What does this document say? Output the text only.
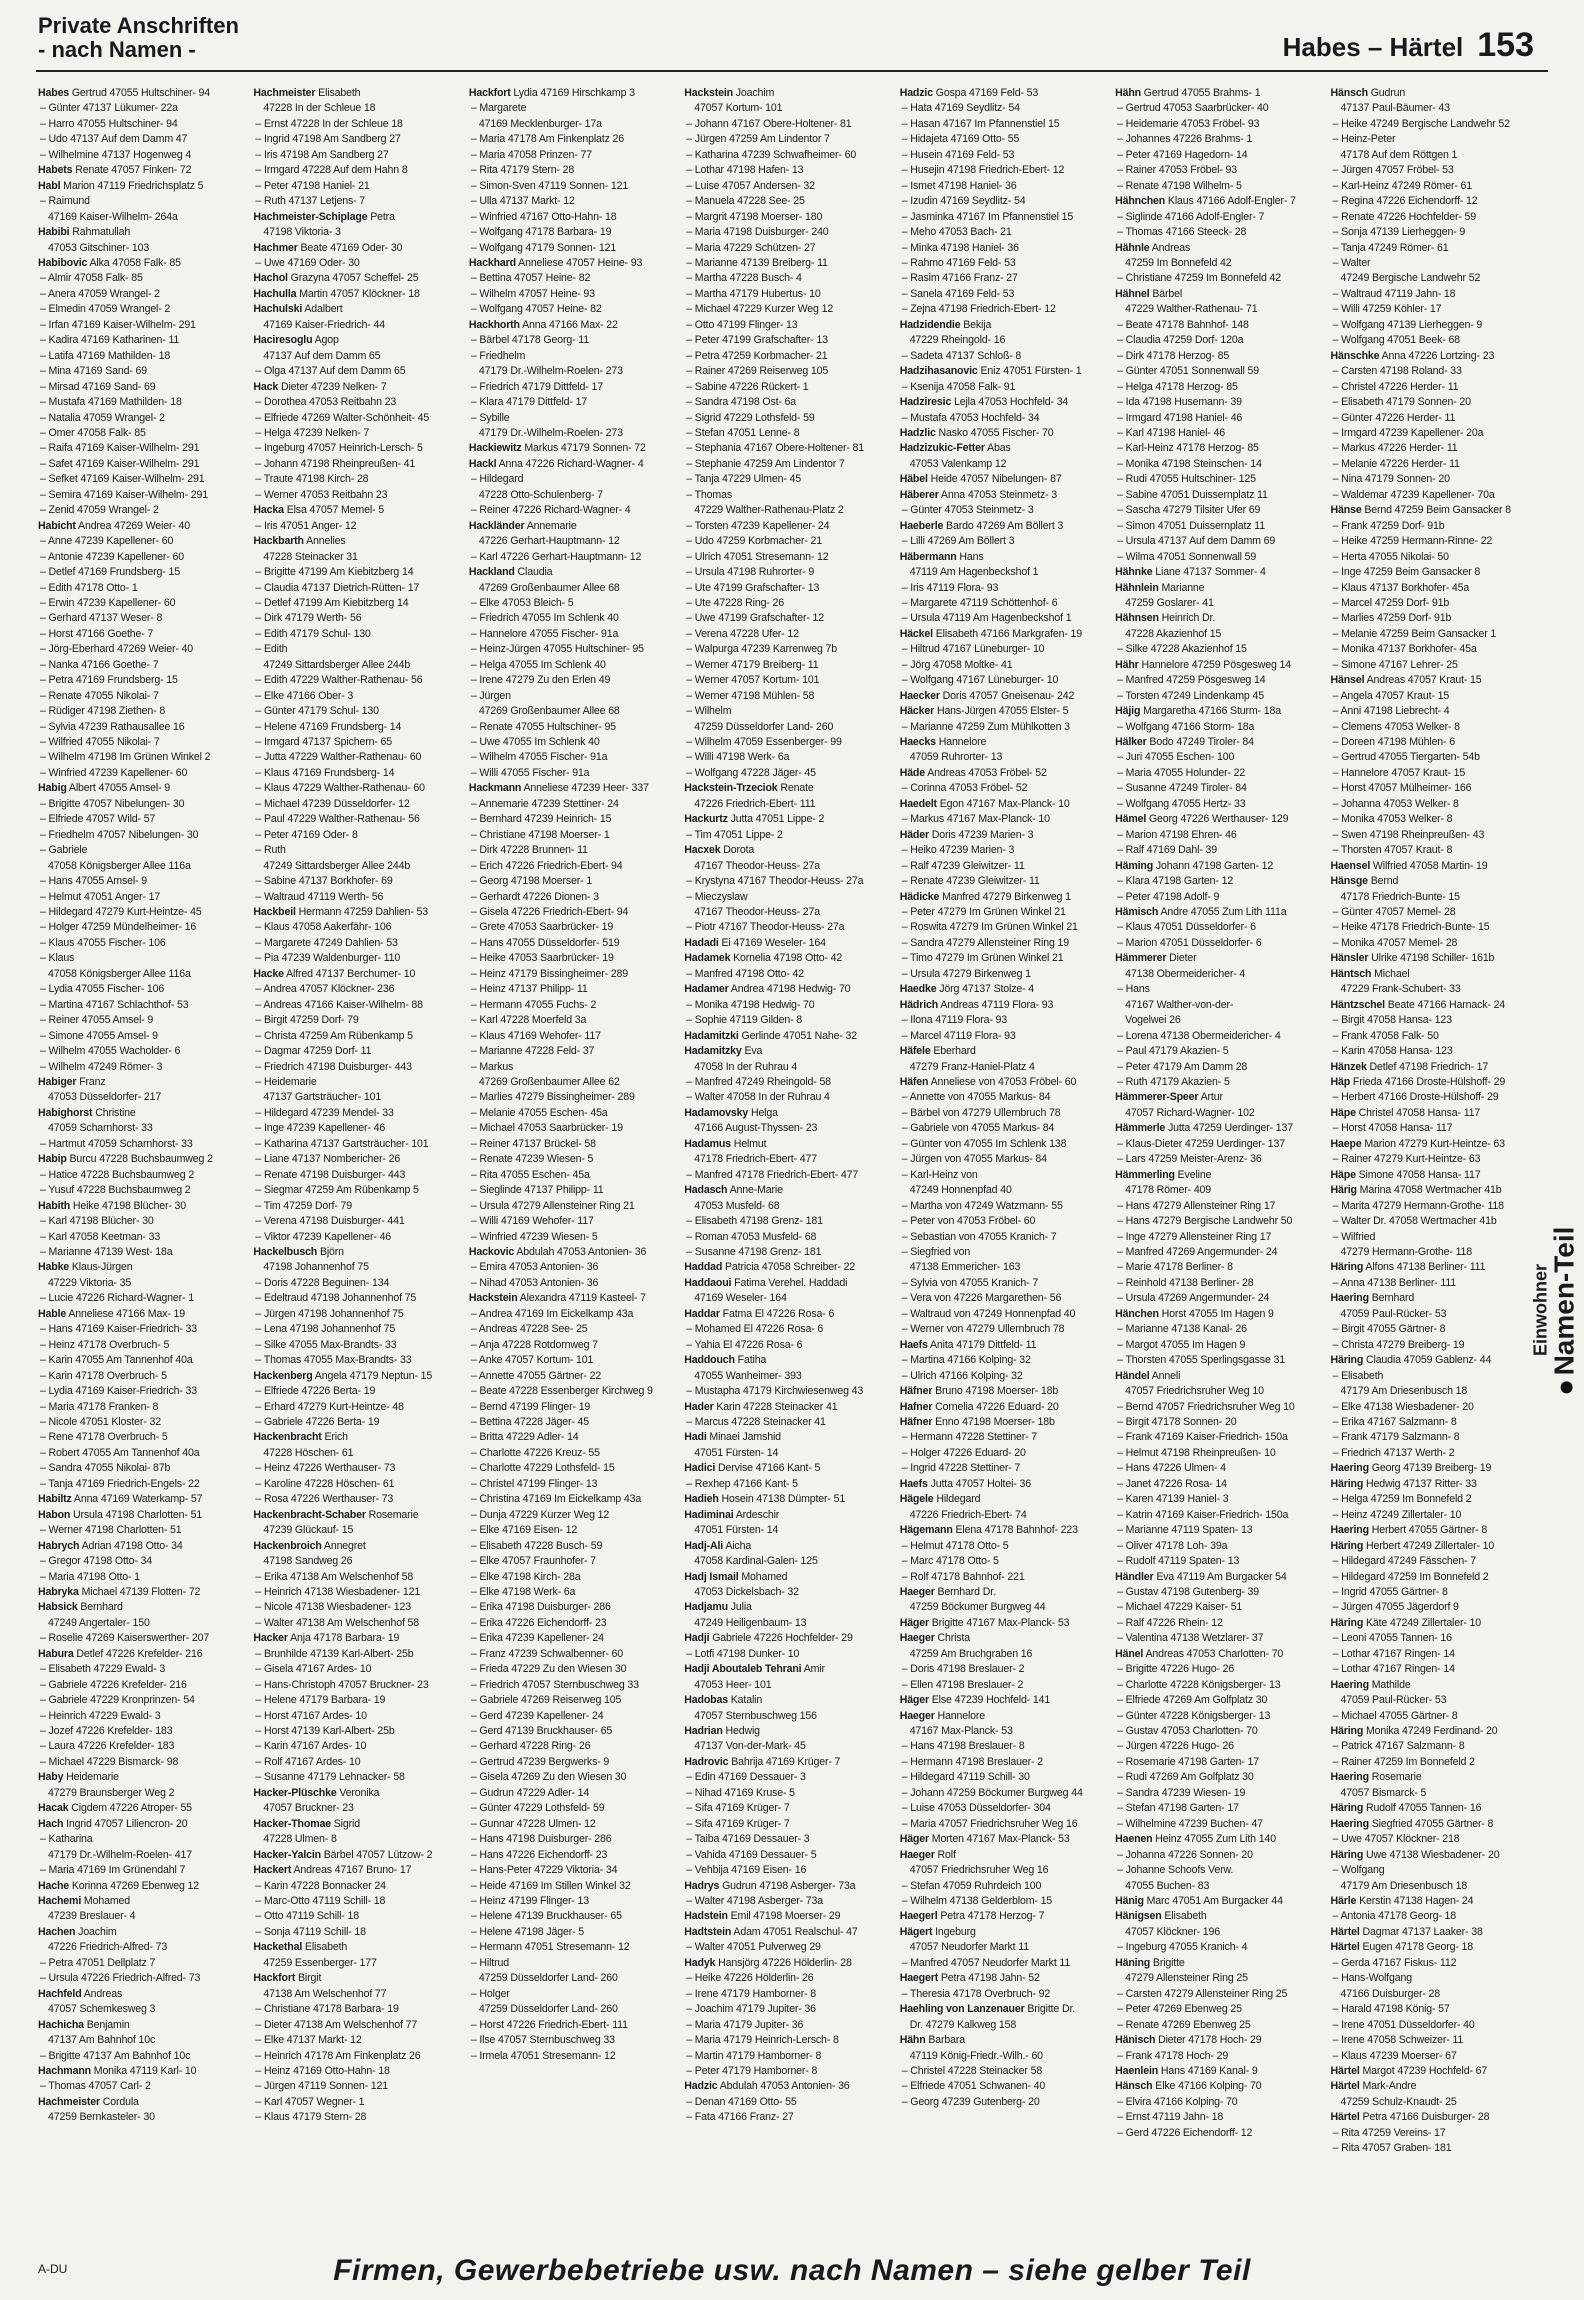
Private Anschriften
- nach Namen -	Habes – Härtel 153
Habes Gertrud 47055 Hultschiner- 94
– Günter 47137 Lükumer- 22a
– Harro 47055 Hultschiner- 94
– Udo 47137 Auf dem Damm 47
– Wilhelmine 47137 Hogenweg 4
Habets Renate 47057 Finken- 72
Habl Marion 47119 Friedrichsplatz 5
– Raimund
47169 Kaiser-Wilhelm- 264a
Habibi Rahmatullah
47053 Gitschiner- 103
Habibovic Alka 47058 Falk- 85
– Almir 47058 Falk- 85
– Anera 47059 Wrangel- 2
– Elmedin 47059 Wrangel- 2
– Irfan 47169 Kaiser-Wilhelm- 291
– Kadira 47169 Katharinen- 11
– Latifa 47169 Mathilden- 18
– Mina 47169 Sand- 69
– Mirsad 47169 Sand- 69
– Mustafa 47169 Mathilden- 18
– Natalia 47059 Wrangel- 2
– Omer 47058 Falk- 85
– Raifa 47169 Kaiser-Wilhelm- 291
– Safet 47169 Kaiser-Wilhelm- 291
– Sefket 47169 Kaiser-Wilhelm- 291
– Semira 47169 Kaiser-Wilhelm- 291
– Zenid 47059 Wrangel- 2
Habicht Andrea 47269 Weier- 40
– Anne 47239 Kapellener- 60
– Antonie 47239 Kapellener- 60
– Detlef 47169 Frundsberg- 15
– Edith 47178 Otto- 1
– Erwin 47239 Kapellener- 60
– Gerhard 47137 Weser- 8
– Horst 47166 Goethe- 7
– Jörg-Eberhard 47269 Weier- 40
– Nanka 47166 Goethe- 7
– Petra 47169 Frundsberg- 15
– Renate 47055 Nikolai- 7
– Rüdiger 47198 Ziethen- 8
– Sylvia 47239 Rathausallee 16
– Wilfried 47055 Nikolai- 7
– Wilhelm 47198 Im Grünen Winkel 2
– Winfried 47239 Kapellener- 60
Habig Albert 47055 Amsel- 9
– Brigitte 47057 Nibelungen- 30
– Elfriede 47057 Wild- 57
– Friedhelm 47057 Nibelungen- 30
– Gabriele
47058 Königsberger Allee 116a
– Hans 47055 Amsel- 9
– Helmut 47051 Anger- 17
– Hildegard 47279 Kurt-Heintze- 45
– Holger 47259 Mündelheimer- 16
– Klaus 47055 Fischer- 106
– Klaus
47058 Königsberger Allee 116a
– Lydia 47055 Fischer- 106
– Martina 47167 Schlachthof- 53
– Reiner 47055 Amsel- 9
– Simone 47055 Amsel- 9
– Wilhelm 47055 Wacholder- 6
– Wilhelm 47249 Römer- 3
Habiger Franz
47053 Düsseldorfer- 217
Habighorst Christine
47059 Scharnhorst- 33
– Hartmut 47059 Scharnhorst- 33
Habip Burcu 47228 Buchsbaumweg 2
– Hatice 47228 Buchsbaumweg 2
– Yusuf 47228 Buchsbaumweg 2
Habith Heike 47198 Blücher- 30
– Karl 47198 Blücher- 30
– Karl 47058 Keetman- 33
– Marianne 47139 West- 18a
Habke Klaus-Jürgen
47229 Viktoria- 35
– Lucie 47226 Richard-Wagner- 1
Hable Anneliese 47166 Max- 19
– Hans 47169 Kaiser-Friedrich- 33
– Heinz 47178 Overbruch- 5
– Karin 47055 Am Tannenhof 40a
– Karin 47178 Overbruch- 5
– Lydia 47169 Kaiser-Friedrich- 33
– Maria 47178 Franken- 8
– Nicole 47051 Kloster- 32
– Rene 47178 Overbruch- 5
– Robert 47055 Am Tannenhof 40a
– Sandra 47055 Nikolai- 87b
– Tanja 47169 Friedrich-Engels- 22
Habiltz Anna 47169 Waterkamp- 57
Habon Ursula 47198 Charlotten- 51
– Werner 47198 Charlotten- 51
Habrych Adrian 47198 Otto- 34
– Gregor 47198 Otto- 34
– Maria 47198 Otto- 1
Habryka Michael 47139 Flotten- 72
Habsick Bernhard
47249 Angertaler- 150
– Roselie 47269 Kaiserswerther- 207
Habura Detlef 47226 Krefelder- 216
– Elisabeth 47229 Ewald- 3
– Gabriele 47226 Krefelder- 216
– Gabriele 47229 Kronprinzen- 54
– Heinrich 47229 Ewald- 3
– Jozef 47226 Krefelder- 183
– Laura 47226 Krefelder- 183
– Michael 47229 Bismarck- 98
Haby Heidemarie
47279 Braunsberger Weg 2
Hacak Cigdem 47226 Atroper- 55
Hach Ingrid 47057 Liliencron- 20
– Katharina
47179 Dr.-Wilhelm-Roelen- 417
– Maria 47169 Im Grünendahl 7
Hache Korinna 47269 Ebenweg 12
Hachemi Mohamed
47239 Breslauer- 4
Hachen Joachim
47226 Friedrich-Alfred- 73
– Petra 47051 Dellplatz 7
– Ursula 47226 Friedrich-Alfred- 73
Hachfeld Andreas
47057 Schemkesweg 3
Hachicha Benjamin
47137 Am Bahnhof 10c
– Brigitte 47137 Am Bahnhof 10c
Hachmann Monika 47119 Karl- 10
– Thomas 47057 Carl- 2
Hachmeister Cordula
47259 Bernkasteler- 30
Hachmeister Elisabeth
47228 In der Schleue 18
– Ernst 47228 In der Schleue 18
– Ingrid 47198 Am Sandberg 27
– Iris 47198 Am Sandberg 27
– Irmgard 47228 Auf dem Hahn 8
– Peter 47198 Haniel- 21
– Ruth 47137 Letjens- 7
Hachmeister-Schiplage Petra
47198 Viktoria- 3
Hachmer Beate 47169 Oder- 30
– Uwe 47169 Oder- 30
Hachol Grazyna 47057 Scheffel- 25
Hachulla Martin 47057 Klöckner- 18
Hachulski Adalbert
47169 Kaiser-Friedrich- 44
Haciresoglu Agop
47137 Auf dem Damm 65
– Olga 47137 Auf dem Damm 65
Hack Dieter 47239 Nelken- 7
– Dorothea 47053 Reitbahn 23
– Elfriede 47269 Walter-Schönheit- 45
– Helga 47239 Nelken- 7
– Ingeburg 47057 Heinrich-Lersch- 5
– Johann 47198 Rheinpreußen- 41
– Traute 47198 Kirch- 28
– Werner 47053 Reitbahn 23
Hacka Elsa 47057 Memel- 5
– Iris 47051 Anger- 12
Hackbarth Annelies
47228 Steinacker 31
– Brigitte 47199 Am Kiebitzberg 14
– Claudia 47137 Dietrich-Rütten- 17
– Detlef 47199 Am Kiebitzberg 14
– Dirk 47179 Werth- 56
– Edith 47179 Schul- 130
– Edith
47249 Sittardsberger Allee 244b
– Edith 47229 Walther-Rathenau- 56
– Elke 47166 Ober- 3
– Günter 47179 Schul- 130
– Helene 47169 Frundsberg- 14
– Irmgard 47137 Spichern- 65
– Jutta 47229 Walther-Rathenau- 60
– Klaus 47169 Frundsberg- 14
– Klaus 47229 Walther-Rathenau- 60
– Michael 47239 Düsseldorfer- 12
– Paul 47229 Walther-Rathenau- 56
– Peter 47169 Oder- 8
– Ruth
47249 Sittardsberger Allee 244b
– Sabine 47137 Borkhofer- 69
– Waltraud 47119 Werth- 56
Hackbeil Hermann 47259 Dahlien- 53
– Klaus 47058 Aakerfähr- 106
– Margarete 47249 Dahlien- 53
– Pia 47239 Waldenburger- 110
Hacke Alfred 47137 Berchumer- 10
– Andrea 47057 Klöckner- 236
– Andreas 47166 Kaiser-Wilhelm- 88
– Birgit 47259 Dorf- 79
– Christa 47259 Am Rübenkamp 5
– Dagmar 47259 Dorf- 11
– Friedrich 47198 Duisburger- 443
– Heidemarie
47137 Gartsträucher- 101
– Hildegard 47239 Mendel- 33
– Inge 47239 Kapellener- 46
– Katharina 47137 Gartsträucher- 101
– Liane 47137 Nombericher- 26
– Renate 47198 Duisburger- 443
– Siegmar 47259 Am Rübenkamp 5
– Tim 47259 Dorf- 79
– Verena 47198 Duisburger- 441
– Viktor 47239 Kapellener- 46
Hackelbusch Björn
47198 Johannenhof 75
– Doris 47228 Beguinen- 134
– Edeltraud 47198 Johannenhof 75
– Jürgen 47198 Johannenhof 75
– Lena 47198 Johannenhof 75
– Silke 47055 Max-Brandts- 33
– Thomas 47055 Max-Brandts- 33
Hackenberg Angela 47179 Neptun- 15
– Elfriede 47226 Berta- 19
– Erhard 47279 Kurt-Heintze- 48
– Gabriele 47226 Berta- 19
Hackenbracht Erich
47228 Höschen- 61
– Heinz 47226 Werthauser- 73
– Karoline 47228 Höschen- 61
– Rosa 47226 Werthauser- 73
Hackenbracht-Schaber Rosemarie
47239 Glückauf- 15
Hackenbroich Annegret
47198 Sandweg 26
– Erika 47138 Am Welschenhof 58
– Heinrich 47138 Wiesbadener- 121
– Nicole 47138 Wiesbadener- 123
– Walter 47138 Am Welschenhof 58
Hacker Anja 47178 Barbara- 19
– Brunhilde 47139 Karl-Albert- 25b
– Gisela 47167 Ardes- 10
– Hans-Christoph 47057 Bruckner- 23
– Helene 47179 Barbara- 19
– Horst 47167 Ardes- 10
– Horst 47139 Karl-Albert- 25b
– Karin 47167 Ardes- 10
– Rolf 47167 Ardes- 10
– Susanne 47179 Lehnacker- 58
Hacker-Plüschke Veronika
47057 Bruckner- 23
Hacker-Thomae Sigrid
47228 Ulmen- 8
Hacker-Yalcin Bärbel 47057 Lützow- 2
Hackert Andreas 47167 Bruno- 17
– Karin 47228 Bonnacker 24
– Marc-Otto 47119 Schill- 18
– Otto 47119 Schill- 18
– Sonja 47119 Schill- 18
Hackethal Elisabeth
47259 Essenberger- 177
Hackfort Birgit
47138 Am Welschenhof 77
– Christiane 47178 Barbara- 19
– Dieter 47138 Am Welschenhof 77
– Elke 47137 Markt- 12
– Heinrich 47178 Am Finkenplatz 26
– Heinz 47169 Otto-Hahn- 18
– Jürgen 47119 Sonnen- 121
– Karl 47057 Wegner- 1
– Klaus 47179 Stern- 28
Hackfort Lydia 47169 Hirschkamp 3
– Margarete
47169 Mecklenburger- 17a
– Maria 47178 Am Finkenplatz 26
– Maria 47058 Prinzen- 77
– Rita 47179 Stern- 28
– Simon-Sven 47119 Sonnen- 121
– Ulla 47137 Markt- 12
– Winfried 47167 Otto-Hahn- 18
– Wolfgang 47178 Barbara- 19
– Wolfgang 47179 Sonnen- 121
Hackhard Anneliese 47057 Heine- 93
– Bettina 47057 Heine- 82
– Wilhelm 47057 Heine- 93
– Wolfgang 47057 Heine- 82
Hackhorth Anna 47166 Max- 22
– Bärbel 47178 Georg- 11
– Friedhelm
47179 Dr.-Wilhelm-Roelen- 273
– Friedrich 47179 Dittfeld- 17
– Klara 47179 Dittfeld- 17
– Sybille
47179 Dr.-Wilhelm-Roelen- 273
Hackiewitz Markus 47179 Sonnen- 72
Hackl Anna 47226 Richard-Wagner- 4
– Hildegard
47228 Otto-Schulenberg- 7
– Reiner 47226 Richard-Wagner- 4
Hackländer Annemarie
47226 Gerhart-Hauptmann- 12
– Karl 47226 Gerhart-Hauptmann- 12
Hackland Claudia
47269 Großenbaumer Allee 68
– Elke 47053 Bleich- 5
– Friedrich 47055 Im Schlenk 40
– Hannelore 47055 Fischer- 91a
– Heinz-Jürgen 47055 Hultschiner- 95
– Helga 47055 Im Schlenk 40
– Irene 47279 Zu den Erlen 49
– Jürgen
47269 Großenbaumer Allee 68
– Renate 47055 Hultschiner- 95
– Uwe 47055 Im Schlenk 40
– Wilhelm 47055 Fischer- 91a
– Willi 47055 Fischer- 91a
Hackmann Anneliese 47239 Heer- 337
– Annemarie 47239 Stettiner- 24
– Bernhard 47239 Heinrich- 15
– Christiane 47198 Moerser- 1
– Dirk 47228 Brunnen- 11
– Erich 47226 Friedrich-Ebert- 94
– Georg 47198 Moerser- 1
– Gerhardt 47226 Dionen- 3
– Gisela 47226 Friedrich-Ebert- 94
– Grete 47053 Saarbrücker- 19
– Hans 47055 Düsseldorfer- 519
– Heike 47053 Saarbrücker- 19
– Heinz 47179 Bissingheimer- 289
– Heinz 47137 Philipp- 11
– Hermann 47055 Fuchs- 2
– Karl 47228 Moerfeld 3a
– Klaus 47169 Wehofer- 117
– Marianne 47228 Feld- 37
– Markus
47269 Großenbaumer Allee 62
– Marlies 47279 Bissingheimer- 289
– Melanie 47055 Eschen- 45a
– Michael 47053 Saarbrücker- 19
– Reiner 47137 Brückel- 58
– Renate 47239 Wiesen- 5
– Rita 47055 Eschen- 45a
– Sieglinde 47137 Philipp- 11
– Ursula 47279 Allensteiner Ring 21
– Willi 47169 Wehofer- 117
– Winfried 47239 Wiesen- 5
Hackovic Abdulah 47053 Antonien- 36
– Emira 47053 Antonien- 36
– Nihad 47053 Antonien- 36
Hackstein Alexandra 47119 Kasteel- 7
– Andrea 47169 Im Eickelkamp 43a
– Andreas 47228 See- 25
– Anja 47228 Rotdornweg 7
– Anke 47057 Kortum- 101
– Annette 47055 Gärtner- 22
– Beate 47228 Essenberger Kirchweg 9
– Bernd 47199 Flinger- 19
– Bettina 47228 Jäger- 45
– Britta 47229 Adler- 14
– Charlotte 47226 Kreuz- 55
– Charlotte 47229 Lothsfeld- 15
– Christel 47199 Flinger- 13
– Christina 47169 Im Eickelkamp 43a
– Dunja 47229 Kurzer Weg 12
– Elke 47169 Eisen- 12
– Elisabeth 47228 Busch- 59
– Elke 47057 Fraunhofer- 7
– Elke 47198 Kirch- 28a
– Elke 47198 Werk- 6a
– Erika 47198 Duisburger- 286
– Erika 47226 Eichendorff- 23
– Erika 47239 Kapellener- 24
– Franz 47239 Schwalbenner- 60
– Frieda 47229 Zu den Wiesen 30
– Friedrich 47057 Sternbuschweg 33
– Gabriele 47269 Reiserweg 105
– Gerd 47239 Kapellener- 24
– Gerd 47139 Bruckhauser- 65
– Gerhard 47228 Ring- 26
– Gertrud 47239 Bergwerks- 9
– Gisela 47269 Zu den Wiesen 30
– Gudrun 47229 Adler- 14
– Günter 47229 Lothsfeld- 59
– Gunnar 47228 Ulmen- 12
– Hans 47198 Duisburger- 286
– Hans 47226 Eichendorff- 23
– Hans-Peter 47229 Viktoria- 34
– Heide 47169 Im Stillen Winkel 32
– Heinz 47199 Flinger- 13
– Helene 47139 Bruckhauser- 65
– Helene 47198 Jäger- 5
– Hermann 47051 Stresemann- 12
– Hiltrud
47259 Düsseldorfer Land- 260
– Holger
47259 Düsseldorfer Land- 260
– Horst 47226 Friedrich-Ebert- 111
– Ilse 47057 Sternbuschweg 33
– Irmela 47051 Stresemann- 12
Hackstein Joachim
47057 Kortum- 101
– Johann 47167 Obere-Holtener- 81
– Jürgen 47259 Am Lindentor 7
– Katharina 47239 Schwafheimer- 60
– Lothar 47198 Hafen- 13
– Luise 47057 Andersen- 32
– Manuela 47228 See- 25
– Margrit 47198 Moerser- 180
– Maria 47198 Duisburger- 240
– Maria 47229 Schützen- 27
– Marianne 47139 Breiberg- 11
– Martha 47228 Busch- 4
– Martha 47179 Hubertus- 10
– Michael 47229 Kurzer Weg 12
– Otto 47199 Flinger- 13
– Peter 47199 Grafschafter- 13
– Petra 47259 Korbmacher- 21
– Rainer 47269 Reiserweg 105
– Sabine 47226 Rückert- 1
– Sandra 47198 Ost- 6a
– Sigrid 47229 Lothsfeld- 59
– Stefan 47051 Lenne- 8
– Stephania 47167 Obere-Holtener- 81
– Stephanie 47259 Am Lindentor 7
– Tanja 47229 Ulmen- 45
– Thomas
47229 Walther-Rathenau-Platz 2
– Torsten 47239 Kapellener- 24
– Udo 47259 Korbmacher- 21
– Ulrich 47051 Stresemann- 12
– Ursula 47198 Ruhrorter- 9
– Ute 47199 Grafschafter- 13
– Ute 47228 Ring- 26
– Uwe 47199 Grafschafter- 12
– Verena 47228 Ufer- 12
– Walpurga 47239 Karrenweg 7b
– Werner 47179 Breiberg- 11
– Werner 47057 Kortum- 101
– Werner 47198 Mühlen- 58
– Wilhelm
47259 Düsseldorfer Land- 260
– Wilhelm 47059 Essenberger- 99
– Willi 47198 Werk- 6a
– Wolfgang 47228 Jäger- 45
Hackstein-Trzeciok Renate
47226 Friedrich-Ebert- 111
Hackurtz Jutta 47051 Lippe- 2
– Tim 47051 Lippe- 2
Hacxek Dorota
47167 Theodor-Heuss- 27a
– Krystyna 47167 Theodor-Heuss- 27a
– Mieczyslaw
47167 Theodor-Heuss- 27a
– Piotr 47167 Theodor-Heuss- 27a
Hadadi Ei 47169 Weseler- 164
Hadamek Kornelia 47198 Otto- 42
– Manfred 47198 Otto- 42
Hadamer Andrea 47198 Hedwig- 70
– Monika 47198 Hedwig- 70
– Sophie 47119 Gilden- 8
Hadamitzki Gerlinde 47051 Nahe- 32
Hadamitzky Eva
47058 In der Ruhrau 4
– Manfred 47249 Rheingold- 58
– Walter 47058 In der Ruhrau 4
Hadamovsky Helga
47166 August-Thyssen- 23
Hadamus Helmut
47178 Friedrich-Ebert- 477
– Manfred 47178 Friedrich-Ebert- 477
Hadasch Anne-Marie
47053 Musfeld- 68
– Elisabeth 47198 Grenz- 181
– Roman 47053 Musfeld- 68
– Susanne 47198 Grenz- 181
Haddad Patricia 47058 Schreiber- 22
Haddaoui Fatima Verehel. Haddadi
47169 Weseler- 164
Haddar Fatma El 47226 Rosa- 6
– Mohamed El 47226 Rosa- 6
– Yahia El 47226 Rosa- 6
Haddouch Fatiha
47055 Wanheimer- 393
– Mustapha 47179 Kirchwiesenweg 43
Hader Karin 47228 Steinacker 41
– Marcus 47228 Steinacker 41
Hadi Minaei Jamshid
47051 Fürsten- 14
Hadici Dervise 47166 Kant- 5
– Rexhep 47166 Kant- 5
Hadieh Hosein 47138 Dümpter- 51
Hadiminai Ardeschir
47051 Fürsten- 14
Hadj-Ali Aicha
47058 Kardinal-Galen- 125
Hadj Ismail Mohamed
47053 Dickelsbach- 32
Hadjamu Julia
47249 Heiligenbaum- 13
Hadji Gabriele 47226 Hochfelder- 29
– Lotfi 47198 Dunker- 10
Hadji Aboutaleb Tehrani Amir
47053 Heer- 101
Hadobas Katalin
47057 Sternbuschweg 156
Hadrian Hedwig
47137 Von-der-Mark- 45
Hadrovic Bahrija 47169 Krüger- 7
– Edin 47169 Dessauer- 3
– Nihad 47169 Kruse- 5
– Sifa 47169 Krüger- 7
– Sifa 47169 Krüger- 7
– Taiba 47169 Dessauer- 3
– Vahida 47169 Dessauer- 5
– Vehbija 47169 Eisen- 16
Hadrys Gudrun 47198 Asberger- 73a
– Walter 47198 Asberger- 73a
Hadstein Emil 47198 Moerser- 29
Hadtstein Adam 47051 Realschul- 47
– Walter 47051 Pulverweg 29
Hadyk Hansjörg 47226 Hölderlin- 28
– Heike 47226 Hölderlin- 26
– Irene 47179 Hamborner- 8
– Joachim 47179 Jupiter- 36
– Maria 47179 Jupiter- 36
– Maria 47179 Heinrich-Lersch- 8
– Martin 47179 Hamborner- 8
– Peter 47179 Hamborner- 8
Hadzic Abdulah 47053 Antonien- 36
– Denan 47169 Otto- 55
– Fata 47166 Franz- 27
Hadzic Gospa 47169 Feld- 53
– Hata 47169 Seydlitz- 54
– Hasan 47167 Im Pfannenstiel 15
– Hidajeta 47169 Otto- 55
– Husein 47169 Feld- 53
– Husejin 47198 Friedrich-Ebert- 12
– Ismet 47198 Haniel- 36
– Izudin 47169 Seydlitz- 54
– Jasminka 47167 Im Pfannenstiel 15
– Meho 47053 Bach- 21
– Minka 47198 Haniel- 36
– Rahmo 47169 Feld- 53
– Rasim 47166 Franz- 27
– Sanela 47169 Feld- 53
– Zejna 47198 Friedrich-Ebert- 12
Hadzidendie Bekija
47229 Rheingold- 16
– Sadeta 47137 Schloß- 8
Hadzihasanovic Eniz 47051 Fürsten- 1
– Ksenija 47058 Falk- 91
Hadziresic Lejla 47053 Hochfeld- 34
– Mustafa 47053 Hochfeld- 34
Hadzlic Nasko 47055 Fischer- 70
Hadzizukic-Fetter Abas
47053 Valenkamp 12
Häbel Heide 47057 Nibelungen- 87
Häberer Anna 47053 Steinmetz- 3
– Günter 47053 Steinmetz- 3
Haeberle Bardo 47269 Am Böllert 3
– Lilli 47269 Am Böllert 3
Häbermann Hans
47119 Am Hagenbeckshof 1
– Iris 47119 Flora- 93
– Margarete 47119 Schöttenhof- 6
– Ursula 47119 Am Hagenbeckshof 1
Häckel Elisabeth 47166 Markgrafen- 19
– Hiltrud 47167 Lüneburger- 10
– Jörg 47058 Moltke- 41
– Wolfgang 47167 Lüneburger- 10
Haecker Doris 47057 Gneisenau- 242
Häcker Hans-Jürgen 47055 Elster- 5
– Marianne 47259 Zum Mühlkotten 3
Haecks Hannelore
47059 Ruhrorter- 13
Häde Andreas 47053 Fröbel- 52
– Corinna 47053 Fröbel- 52
Haedelt Egon 47167 Max-Planck- 10
– Markus 47167 Max-Planck- 10
Häder Doris 47239 Marien- 3
– Heiko 47239 Marien- 3
– Ralf 47239 Gleiwitzer- 11
– Renate 47239 Gleiwitzer- 11
Hädicke Manfred 47279 Birkenweg 1
– Peter 47279 Im Grünen Winkel 21
– Roswita 47279 Im Grünen Winkel 21
– Sandra 47279 Allensteiner Ring 19
– Timo 47279 Im Grünen Winkel 21
– Ursula 47279 Birkenweg 1
Haedke Jörg 47137 Stolze- 4
Hädrich Andreas 47119 Flora- 93
– Ilona 47119 Flora- 93
– Marcel 47119 Flora- 93
Häfele Eberhard
47279 Franz-Haniel-Platz 4
Häfen Anneliese von 47053 Fröbel- 60
– Annette von 47055 Markus- 84
– Bärbel von 47279 Ullernbruch 78
– Gabriele von 47055 Markus- 84
– Günter von 47055 Im Schlenk 138
– Jürgen von 47055 Markus- 84
– Karl-Heinz von
47249 Honnenpfad 40
– Martha von 47249 Watzmann- 55
– Peter von 47053 Fröbel- 60
– Sebastian von 47055 Kranich- 7
– Siegfried von
47138 Emmericher- 163
– Sylvia von 47055 Kranich- 7
– Vera von 47226 Margarethen- 56
– Waltraud von 47249 Honnenpfad 40
– Werner von 47279 Ullernbruch 78
Haefs Anita 47179 Dittfeld- 11
– Martina 47166 Kolping- 32
– Ulrich 47166 Kolping- 32
Häfner Bruno 47198 Moerser- 18b
Hafner Cornelia 47226 Eduard- 20
Häfner Enno 47198 Moerser- 18b
– Hermann 47228 Stettiner- 7
– Holger 47226 Eduard- 20
– Ingrid 47228 Stettiner- 7
Haefs Jutta 47057 Holtei- 36
Hägele Hildegard
47226 Friedrich-Ebert- 74
Hägemann Elena 47178 Bahnhof- 223
– Helmut 47178 Otto- 5
– Marc 47178 Otto- 5
– Rolf 47178 Bahnhof- 221
Haeger Bernhard Dr.
47259 Böckumer Burgweg 44
Häger Brigitte 47167 Max-Planck- 53
Haeger Christa
47259 Am Bruchgraben 16
– Doris 47198 Breslauer- 2
– Ellen 47198 Breslauer- 2
Häger Else 47239 Hochfeld- 141
Haeger Hannelore
47167 Max-Planck- 53
– Hans 47198 Breslauer- 8
– Hermann 47198 Breslauer- 2
– Hildegard 47119 Schill- 30
– Johann 47259 Böckumer Burgweg 44
– Luise 47053 Düsseldorfer- 304
– Maria 47057 Friedrichsruher Weg 16
Häger Morten 47167 Max-Planck- 53
Haeger Rolf
47057 Friedrichsruher Weg 16
– Stefan 47059 Ruhrdeich 100
– Wilhelm 47138 Gelderblom- 15
Haegerl Petra 47178 Herzog- 7
Hägert Ingeburg
47057 Neudorfer Markt 11
– Manfred 47057 Neudorfer Markt 11
Haegert Petra 47198 Jahn- 52
– Theresia 47178 Overbruch- 92
Haehling von Lanzenauer Brigitte Dr.
Dr. 47279 Kalkweg 158
Hähn Barbara
47119 König-Friedr.-Wilh.- 60
– Christel 47228 Steinacker 58
– Elfriede 47051 Schwanen- 40
– Georg 47239 Gutenberg- 20
Hähn Gertrud 47055 Brahms- 1
– Gertrud 47053 Saarbrücker- 40
– Heidemarie 47053 Fröbel- 93
– Johannes 47226 Brahms- 1
– Peter 47169 Hagedorn- 14
– Rainer 47053 Fröbel- 93
– Renate 47198 Wilhelm- 5
Hähnchen Klaus 47166 Adolf-Engler- 7
– Siglinde 47166 Adolf-Engler- 7
– Thomas 47166 Steeck- 28
Hähnle Andreas
47259 Im Bonnefeld 42
– Christiane 47259 Im Bonnefeld 42
Hähnel Bärbel
47229 Walther-Rathenau- 71
– Beate 47178 Bahnhof- 148
– Claudia 47259 Dorf- 120a
– Dirk 47178 Herzog- 85
– Günter 47051 Sonnenwall 59
– Helga 47178 Herzog- 85
– Ida 47198 Husemann- 39
– Irmgard 47198 Haniel- 46
– Karl 47198 Haniel- 46
– Karl-Heinz 47178 Herzog- 85
– Monika 47198 Steinschen- 14
– Rudi 47055 Hultschiner- 125
– Sabine 47051 Duissernplatz 11
– Sascha 47279 Tilsiter Ufer 69
– Simon 47051 Duissernplatz 11
– Ursula 47137 Auf dem Damm 69
– Wilma 47051 Sonnenwall 59
Hähnke Liane 47137 Sommer- 4
Hähnlein Marianne
47259 Goslarer- 41
Hähnsen Heinrich Dr.
47228 Akazienhof 15
– Silke 47228 Akazienhof 15
Hähr Hannelore 47259 Pösgesweg 14
– Manfred 47259 Pösgesweg 14
– Torsten 47249 Lindenkamp 45
Häjig Margaretha 47166 Sturm- 18a
– Wolfgang 47166 Storm- 18a
Hälker Bodo 47249 Tiroler- 84
– Juri 47055 Eschen- 100
– Maria 47055 Holunder- 22
– Susanne 47249 Tiroler- 84
– Wolfgang 47055 Hertz- 33
Hämel Georg 47226 Werthauser- 129
– Marion 47198 Ehren- 46
– Ralf 47169 Dahl- 39
Häming Johann 47198 Garten- 12
– Klara 47198 Garten- 12
– Peter 47198 Adolf- 9
Hämisch Andre 47055 Zum Lith 111a
– Klaus 47051 Düsseldorfer- 6
– Marion 47051 Düsseldorfer- 6
Hämmerer Dieter
47138 Obermeidericher- 4
– Hans
47167 Walther-von-der-
Vogelwei 26
– Lorena 47138 Obermeidericher- 4
– Paul 47179 Akazien- 5
– Peter 47179 Am Damm 28
– Ruth 47179 Akazien- 5
Hämmerer-Speer Artur
47057 Richard-Wagner- 102
Hämmerle Jutta 47259 Uerdinger- 137
– Klaus-Dieter 47259 Uerdinger- 137
– Lars 47259 Meister-Arenz- 36
Hämmerling Eveline
47178 Römer- 409
– Hans 47279 Allensteiner Ring 17
– Hans 47279 Bergische Landwehr 50
– Inge 47279 Allensteiner Ring 17
– Manfred 47269 Angermunder- 24
– Marie 47178 Berliner- 8
– Reinhold 47138 Berliner- 28
– Ursula 47269 Angermunder- 24
Hänchen Horst 47055 Im Hagen 9
– Marianne 47138 Kanal- 26
– Margot 47055 Im Hagen 9
– Thorsten 47055 Sperlingsgasse 31
Händel Anneli
47057 Friedrichsruher Weg 10
– Bernd 47057 Friedrichsruher Weg 10
– Birgit 47178 Sonnen- 20
– Frank 47169 Kaiser-Friedrich- 150a
– Helmut 47198 Rheinpreußen- 10
– Hans 47226 Ulmen- 4
– Janet 47226 Rosa- 14
– Karen 47139 Haniel- 3
– Katrin 47169 Kaiser-Friedrich- 150a
– Marianne 47119 Spaten- 13
– Oliver 47178 Loh- 39a
– Rudolf 47119 Spaten- 13
Händler Eva 47119 Am Burgacker 54
– Gustav 47198 Gutenberg- 39
– Michael 47229 Kaiser- 51
– Ralf 47226 Rhein- 12
– Valentina 47138 Wetzlarer- 37
Hänel Andreas 47053 Charlotten- 70
– Brigitte 47226 Hugo- 26
– Charlotte 47228 Königsberger- 13
– Elfriede 47269 Am Golfplatz 30
– Günter 47228 Königsberger- 13
– Gustav 47053 Charlotten- 70
– Jürgen 47226 Hugo- 26
– Rosemarie 47198 Garten- 17
– Rudi 47269 Am Golfplatz 30
– Sandra 47239 Wiesen- 19
– Stefan 47198 Garten- 17
– Wilhelmine 47239 Buchen- 47
Haenen Heinz 47055 Zum Lith 140
– Johanna 47226 Sonnen- 20
– Johanne Schoofs Verw.
47055 Buchen- 83
Hänig Marc 47051 Am Burgacker 44
Hänigsen Elisabeth
47057 Klöckner- 196
– Ingeburg 47055 Kranich- 4
Häning Brigitte
47279 Allensteiner Ring 25
– Carsten 47279 Allensteiner Ring 25
– Peter 47269 Ebenweg 25
– Renate 47269 Ebenweg 25
Hänisch Dieter 47178 Hoch- 29
– Frank 47178 Hoch- 29
Haenlein Hans 47169 Kanal- 9
Hänsch Elke 47166 Kolping- 70
– Elvira 47166 Kolping- 70
– Ernst 47119 Jahn- 18
– Gerd 47226 Eichendorff- 12
Hänsch Gudrun
47137 Paul-Bäumer- 43
– Heike 47249 Bergische Landwehr 52
– Heinz-Peter
47178 Auf dem Röttgen 1
– Jürgen 47057 Fröbel- 53
– Karl-Heinz 47249 Römer- 61
– Regina 47226 Eichendorff- 12
– Renate 47226 Hochfelder- 59
– Sonja 47139 Lierheggen- 9
– Tanja 47249 Römer- 61
– Walter
47249 Bergische Landwehr 52
– Waltraud 47119 Jahn- 18
– Willi 47259 Köhler- 17
– Wolfgang 47139 Lierheggen- 9
– Wolfgang 47051 Beek- 68
Hänschke Anna 47226 Lortzing- 23
– Carsten 47198 Roland- 33
– Christel 47226 Herder- 11
– Elisabeth 47179 Sonnen- 20
– Günter 47226 Herder- 11
– Irmgard 47239 Kapellener- 20a
– Markus 47226 Herder- 11
– Melanie 47226 Herder- 11
– Nina 47179 Sonnen- 20
– Waldemar 47239 Kapellener- 70a
Hänse Bernd 47259 Beim Gansacker 8
– Frank 47259 Dorf- 91b
– Heike 47259 Hermann-Rinne- 22
– Herta 47055 Nikolai- 50
– Inge 47259 Beim Gansacker 8
– Klaus 47137 Borkhofer- 45a
– Marcel 47259 Dorf- 91b
– Marlies 47259 Dorf- 91b
– Melanie 47259 Beim Gansacker 1
– Monika 47137 Borkhofer- 45a
– Simone 47167 Lehrer- 25
Hänsel Andreas 47057 Kraut- 15
– Angela 47057 Kraut- 15
– Anni 47198 Liebrecht- 4
– Clemens 47053 Welker- 8
– Doreen 47198 Mühlen- 6
– Gertrud 47055 Tiergarten- 54b
– Hannelore 47057 Kraut- 15
– Horst 47057 Mülheimer- 166
– Johanna 47053 Welker- 8
– Monika 47053 Welker- 8
– Swen 47198 Rheinpreußen- 43
– Thorsten 47057 Kraut- 8
Haensel Wilfried 47058 Martin- 19
Hänsge Bernd
47178 Friedrich-Bunte- 15
– Günter 47057 Memel- 28
– Heike 47178 Friedrich-Bunte- 15
– Monika 47057 Memel- 28
Hänsler Ulrike 47198 Schiller- 161b
Häntsch Michael
47229 Frank-Schubert- 33
Häntzschel Beate 47166 Harnack- 24
– Birgit 47058 Hansa- 123
– Frank 47058 Falk- 50
– Karin 47058 Hansa- 123
Hänzek Detlef 47198 Friedrich- 17
Häp Frieda 47166 Droste-Hülshoff- 29
– Herbert 47166 Droste-Hülshoff- 29
Häpe Christel 47058 Hansa- 117
– Horst 47058 Hansa- 117
Haepe Marion 47279 Kurt-Heintze- 63
– Rainer 47279 Kurt-Heintze- 63
Häpe Simone 47058 Hansa- 117
Härig Marina 47058 Wertmacher 41b
– Marita 47279 Hermann-Grothe- 118
– Walter Dr. 47058 Wertmacher 41b
– Wilfried
47279 Hermann-Grothe- 118
Häring Alfons 47138 Berliner- 111
– Anna 47138 Berliner- 111
Haering Bernhard
47059 Paul-Rücker- 53
– Birgit 47055 Gärtner- 8
– Christa 47279 Breiberg- 19
Häring Claudia 47059 Gablenz- 44
– Elisabeth
47179 Am Driesenbusch 18
– Elke 47138 Wiesbadener- 20
– Erika 47167 Salzmann- 8
– Frank 47179 Salzmann- 8
– Friedrich 47137 Werth- 2
Haering Georg 47139 Breiberg- 19
Häring Hedwig 47137 Ritter- 33
– Helga 47259 Im Bonnefeld 2
– Heinz 47249 Zillertaler- 10
Haering Herbert 47055 Gärtner- 8
Häring Herbert 47249 Zillertaler- 10
– Hildegard 47249 Fässchen- 7
– Hildegard 47259 Im Bonnefeld 2
– Ingrid 47055 Gärtner- 8
– Jürgen 47055 Jägerdorf 9
Häring Käte 47249 Zillertaler- 10
– Leoni 47055 Tannen- 16
– Lothar 47167 Ringen- 14
– Lothar 47167 Ringen- 14
Haering Mathilde
47059 Paul-Rücker- 53
– Michael 47055 Gärtner- 8
Häring Monika 47249 Ferdinand- 20
– Patrick 47167 Salzmann- 8
– Rainer 47259 Im Bonnefeld 2
Haering Rosemarie
47057 Bismarck- 5
Häring Rudolf 47055 Tannen- 16
Haering Siegfried 47055 Gärtner- 8
– Uwe 47057 Klöckner- 218
Häring Uwe 47138 Wiesbadener- 20
– Wolfgang
47179 Am Driesenbusch 18
Härle Kerstin 47138 Hagen- 24
– Antonia 47178 Georg- 18
Härtel Dagmar 47137 Laaker- 38
Härtel Eugen 47178 Georg- 18
– Gerda 47167 Fiskus- 112
– Hans-Wolfgang
47166 Duisburger- 28
– Harald 47198 König- 57
– Irene 47051 Düsseldorfer- 40
– Irene 47058 Schweizer- 11
– Klaus 47239 Moerser- 67
Härtel Margot 47239 Hochfeld- 67
Härtel Mark-Andre
47259 Schulz-Knaudt- 25
Härtel Petra 47166 Duisburger- 28
– Rita 47259 Vereins- 17
– Rita 47057 Graben- 181
Einwohner
Namen-Teil
A-DU	Firmen, Gewerbebetriebe usw. nach Namen – siehe gelber Teil
